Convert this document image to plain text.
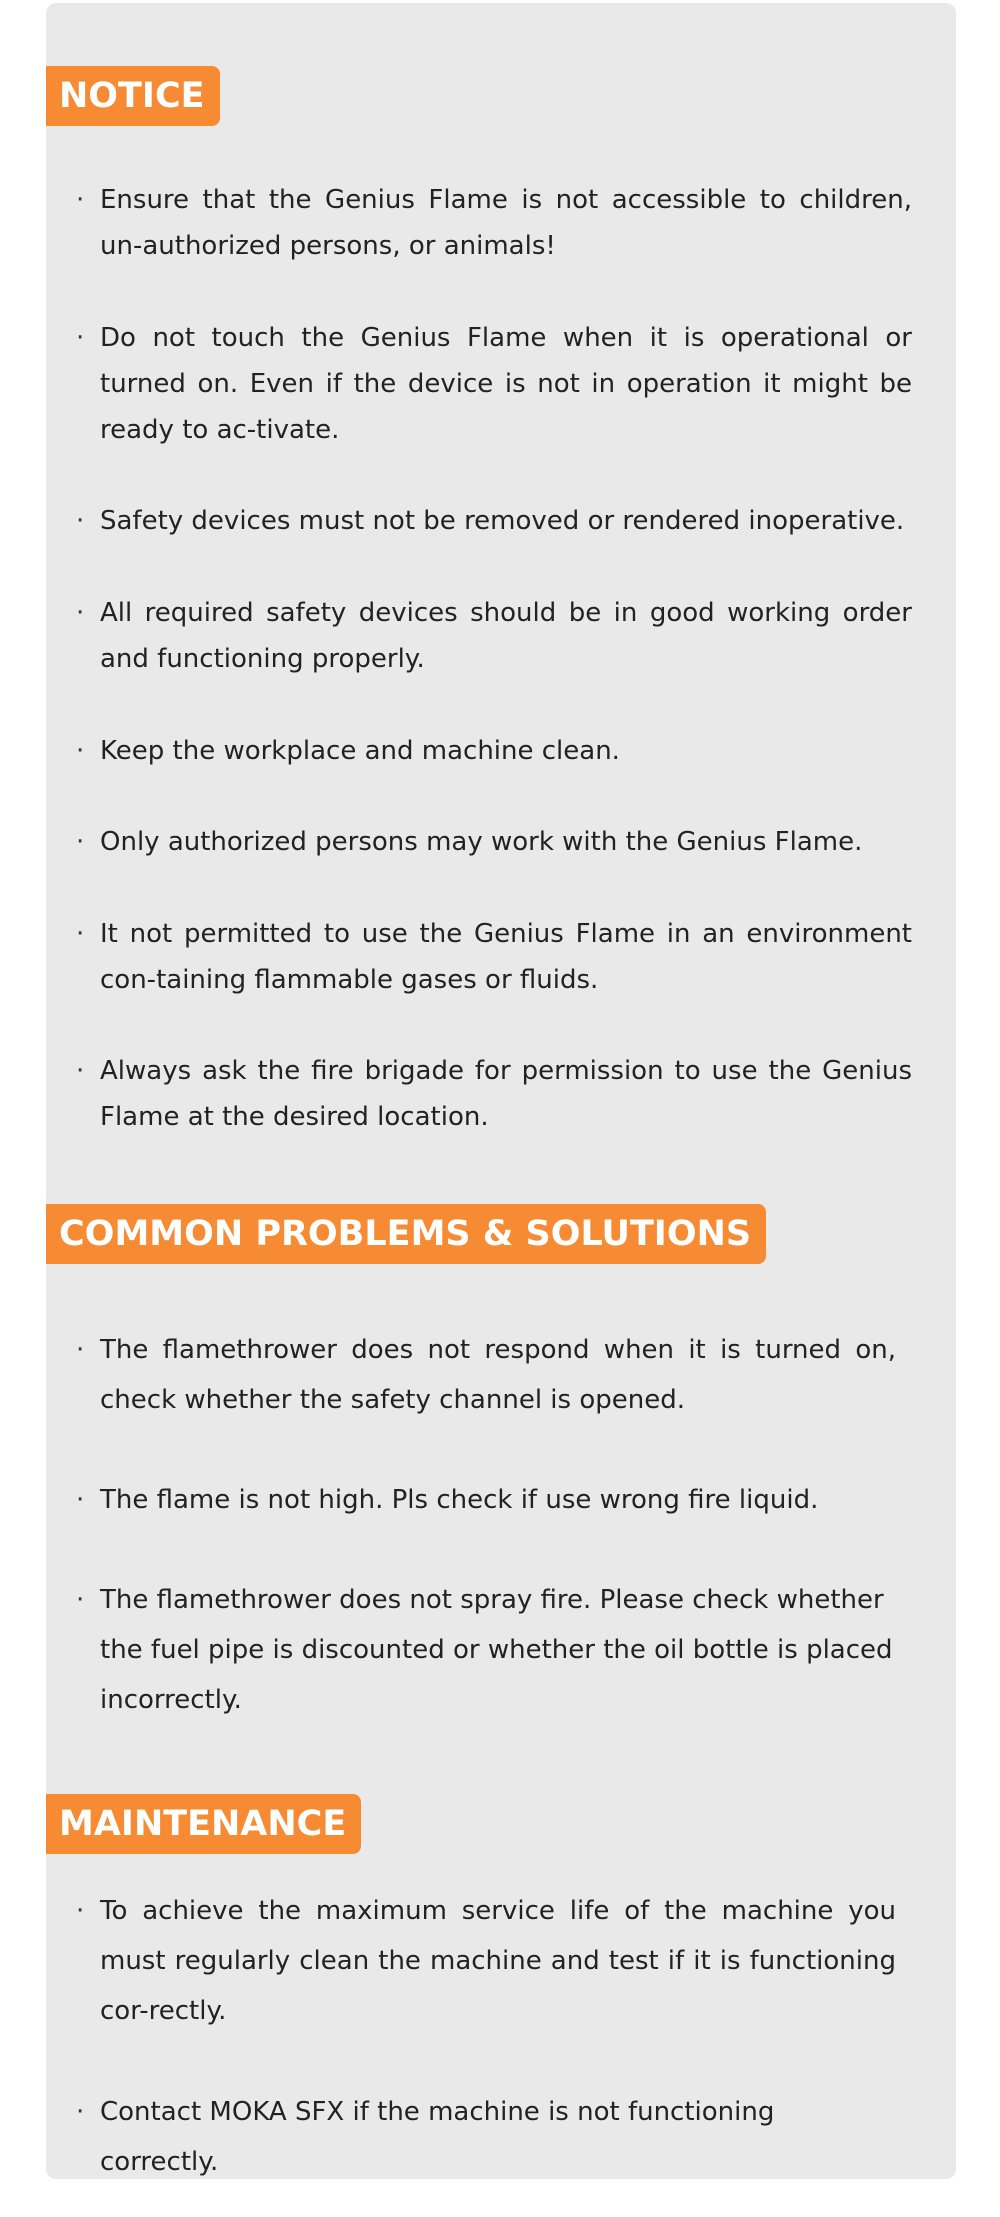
NOTICE
· Ensure that the Genius Flame is not accessible to children, un-authorized persons, or animals!
· Do not touch the Genius Flame when it is operational or turned on. Even if the device is not in operation it might be ready to ac-tivate.
· Safety devices must not be removed or rendered inoperative.
· All required safety devices should be in good working order and functioning properly.
· Keep the workplace and machine clean.
· Only authorized persons may work with the Genius Flame.
· It not permitted to use the Genius Flame in an environment con-taining flammable gases or fluids.
· Always ask the fire brigade for permission to use the Genius Flame at the desired location.
COMMON PROBLEMS & SOLUTIONS
· The flamethrower does not respond when it is turned on, check whether the safety channel is opened.
· The flame is not high. Pls check if use wrong fire liquid.
· The flamethrower does not spray fire. Please check whether the fuel pipe is discounted or whether the oil bottle is placed incorrectly.
MAINTENANCE
· To achieve the maximum service life of the machine you must regularly clean the machine and test if it is functioning cor-rectly.
· Contact MOKA SFX if the machine is not functioning correctly.
